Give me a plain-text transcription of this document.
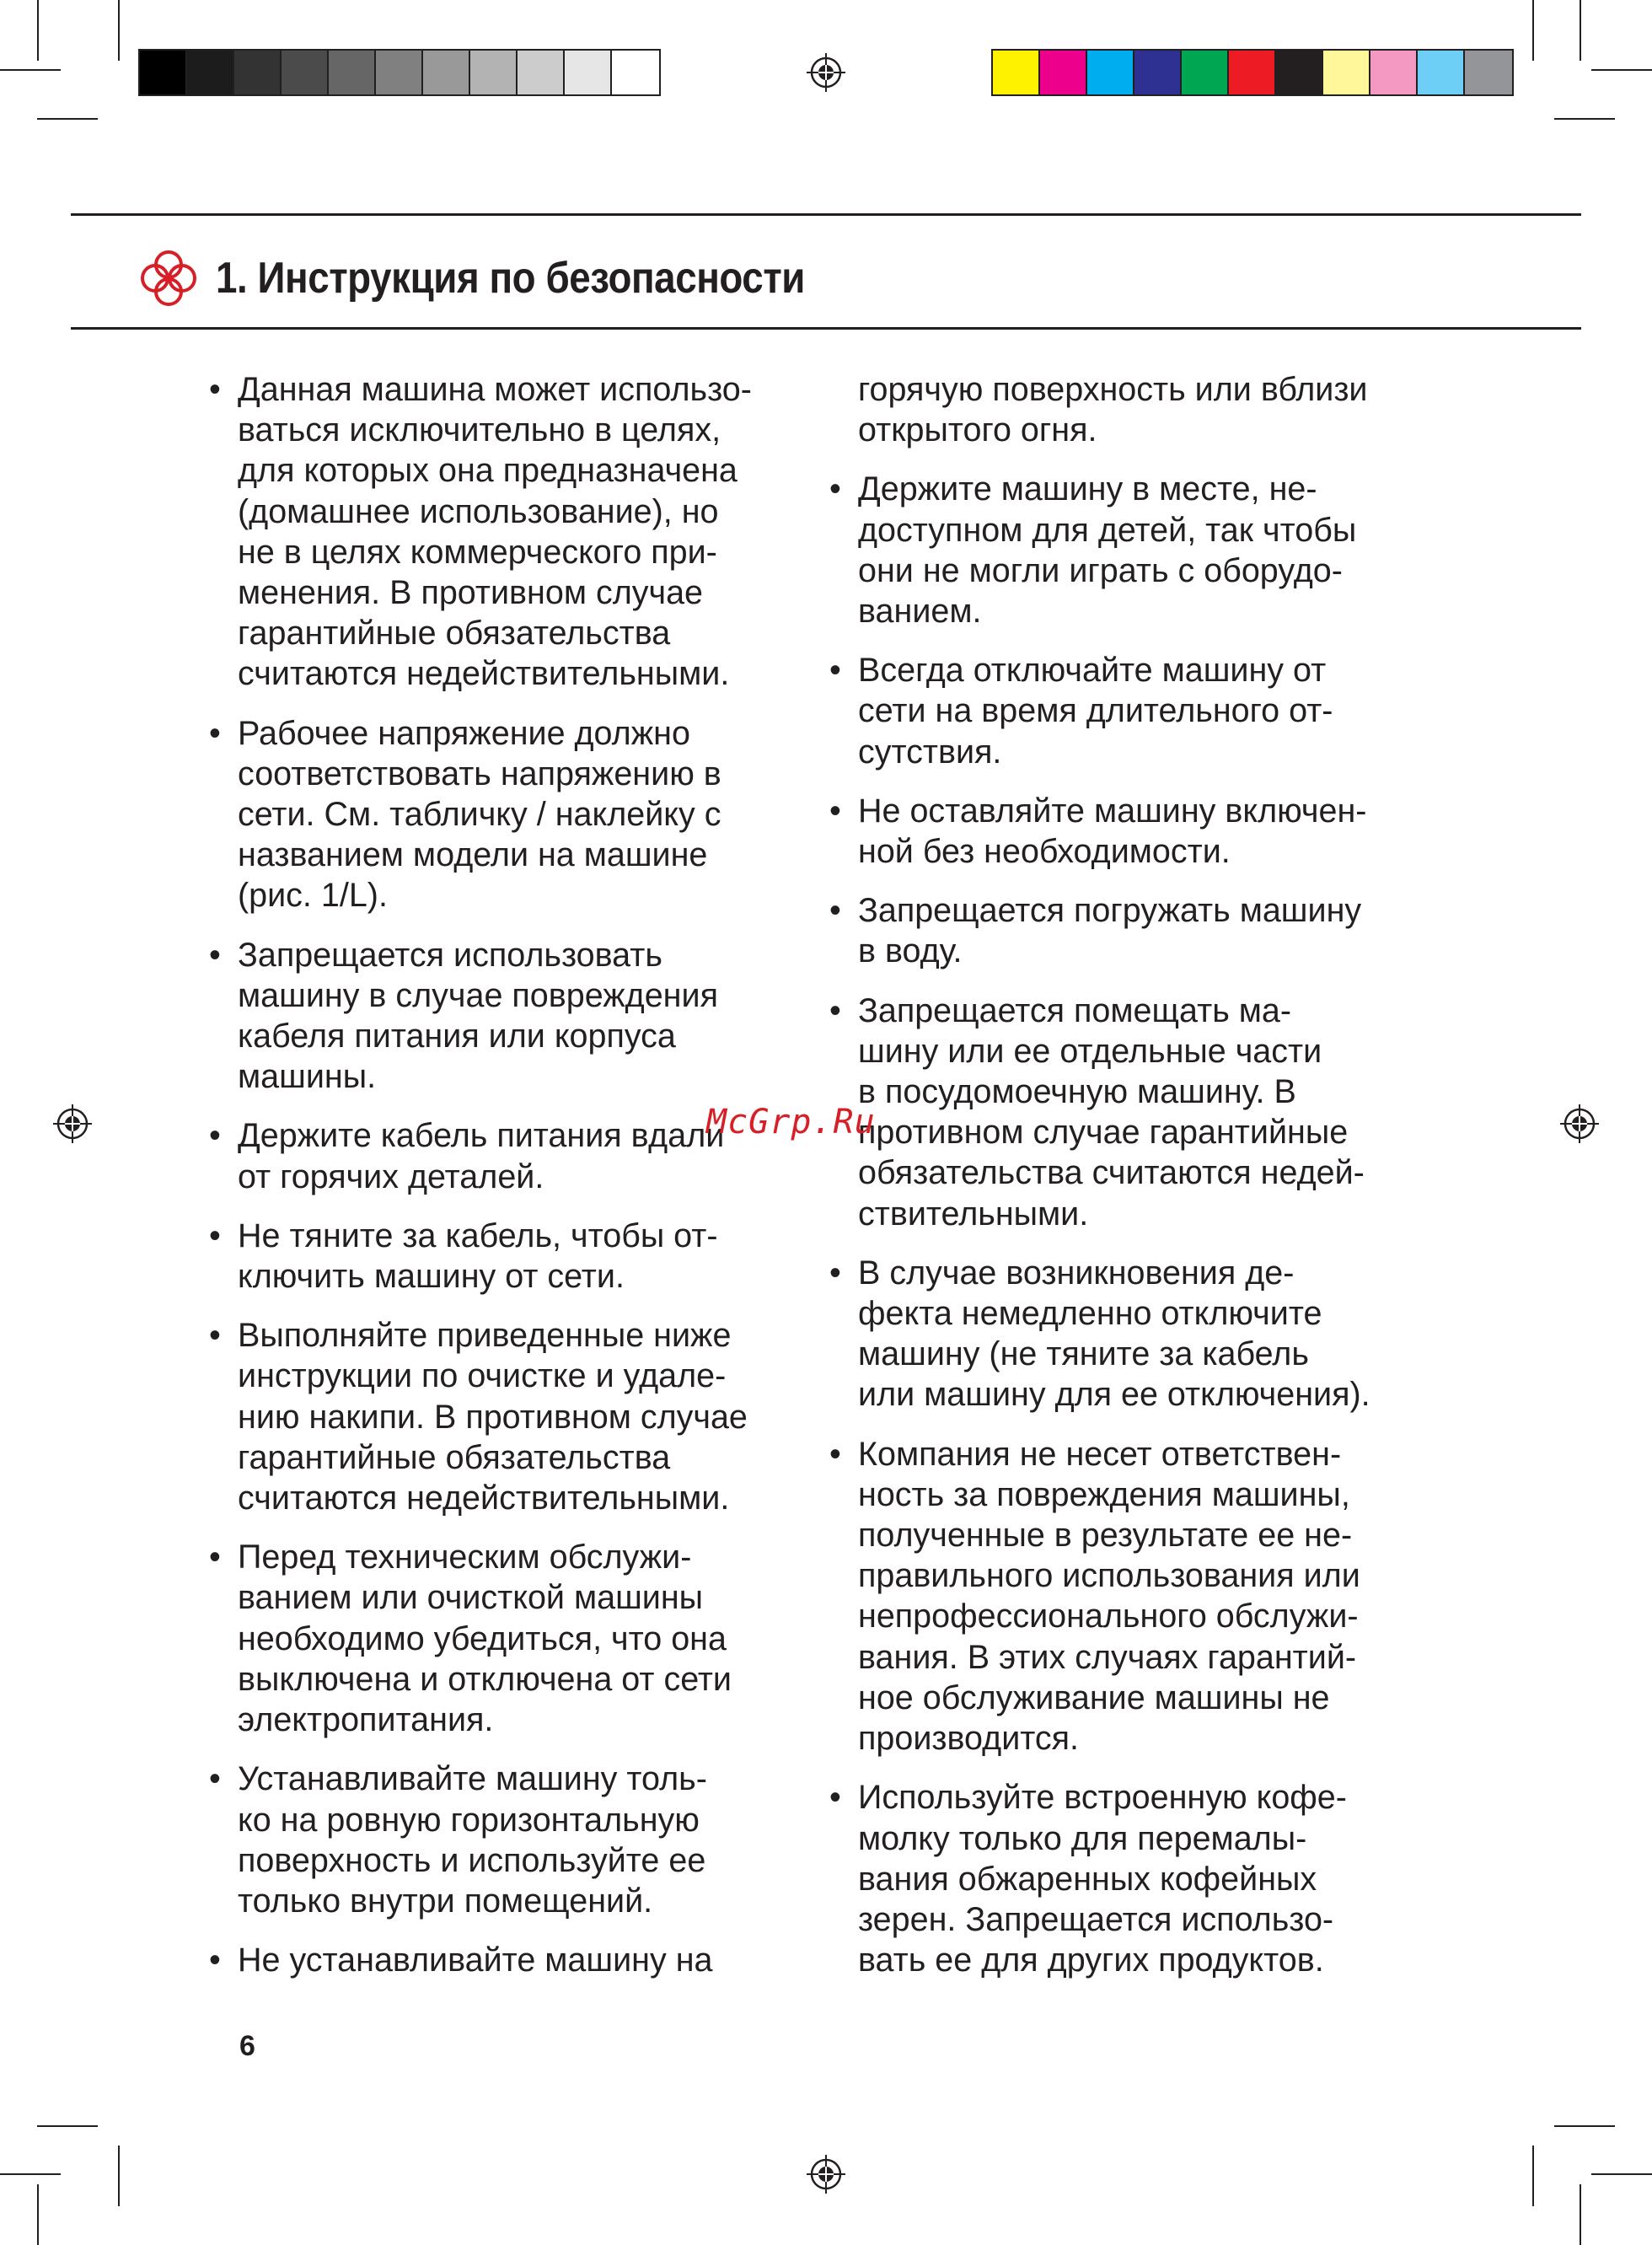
1. Инструкция по безопасности
• Данная машина может использо-
ваться исключительно в целях,
для которых она предназначена
(домашнее использование), но
не в целях коммерческого при-
менения. В противном случае
гарантийные обязательства
считаются недействительными.
• Рабочее напряжение должно
соответствовать напряжению в
сети. См. табличку / наклейку с
названием модели на машине
(рис. 1/L).
• Запрещается использовать
машину в случае повреждения
кабеля питания или корпуса
машины.
• Держите кабель питания вдали
от горячих деталей.
• Не тяните за кабель, чтобы от-
ключить машину от сети.
• Выполняйте приведенные ниже
инструкции по очистке и удале-
нию накипи. В противном случае
гарантийные обязательства
считаются недействительными.
• Перед техническим обслужи-
ванием или очисткой машины
необходимо убедиться, что она
выключена и отключена от сети
электропитания.
• Устанавливайте машину толь-
ко на ровную горизонтальную
поверхность и используйте ее
только внутри помещений.
• Не устанавливайте машину на
горячую поверхность или вблизи
открытого огня.
• Держите машину в месте, не-
доступном для детей, так чтобы
они не могли играть с оборудо-
ванием.
• Всегда отключайте машину от
сети на время длительного от-
сутствия.
• Не оставляйте машину включен-
ной без необходимости.
• Запрещается погружать машину
в воду.
• Запрещается помещать ма-
шину или ее отдельные части
в посудомоечную машину. В
противном случае гарантийные
обязательства считаются недей-
ствительными.
• В случае возникновения де-
фекта немедленно отключите
машину (не тяните за кабель
или машину для ее отключения).
• Компания не несет ответствен-
ность за повреждения машины,
полученные в результате ее не-
правильного использования или
непрофессионального обслужи-
вания. В этих случаях гарантий-
ное обслуживание машины не
производится.
• Используйте встроенную кофе-
молку только для перемалы-
вания обжаренных кофейных
зерен. Запрещается использо-
вать ее для других продуктов.
McGrp.Ru
6
